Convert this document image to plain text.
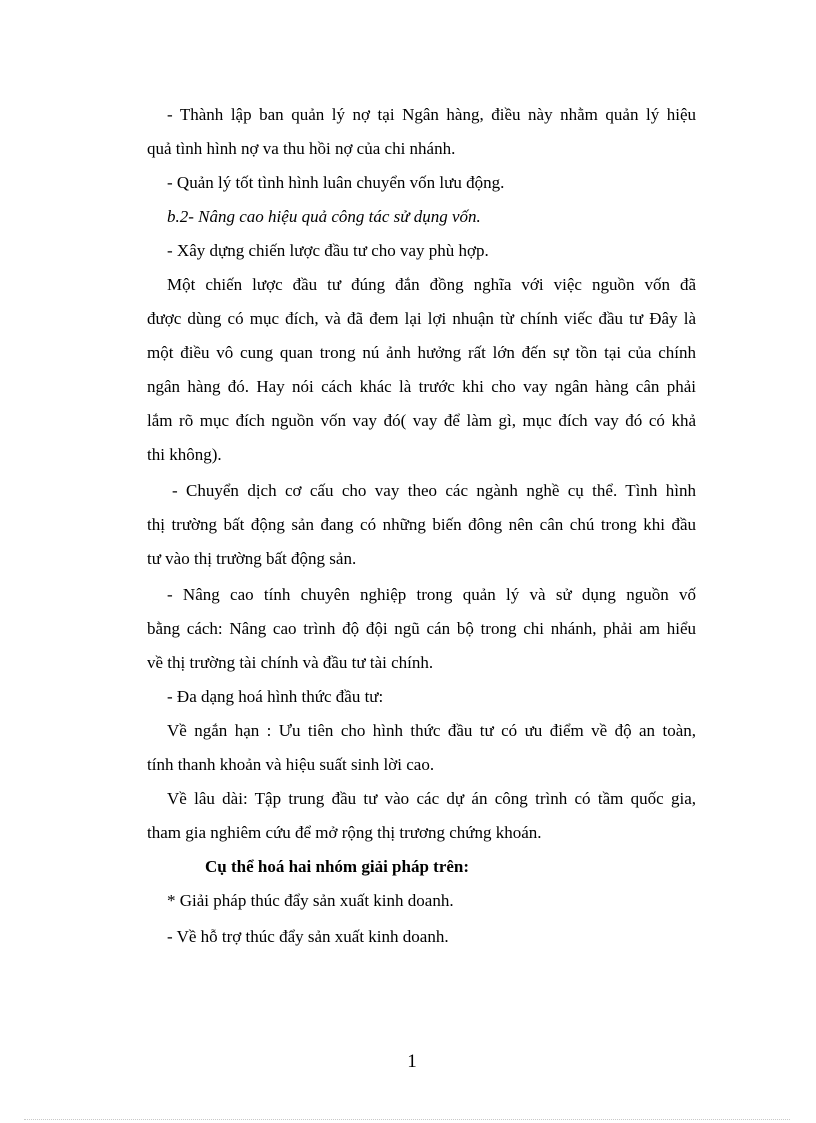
- Thành lập ban quản lý nợ tại Ngân hàng, điều này nhằm quản lý hiệu
quả tình hình nợ va thu hồi nợ của chi nhánh.
- Quản lý tốt tình hình luân chuyển vốn lưu động.
b.2- Nâng cao hiệu quả công tác sử dụng vốn.
- Xây dựng chiến lược đầu tư cho vay phù hợp.
Một chiến lược đầu tư đúng đắn đồng nghĩa với việc nguồn vốn đã
được dùng có mục đích, và đã đem lại lợi nhuận từ chính viếc đầu tư Đây là
một điều vô cung quan trong nú ảnh hưởng rất lớn đến sự tồn tại của chính
ngân hàng đó. Hay nói cách khác là trước khi cho vay ngân hàng cân phải
lắm rõ mục đích nguồn vốn vay đó( vay để làm gì, mục đích vay đó có khả
thi không).
- Chuyển dịch cơ cấu cho vay theo các ngành nghề cụ thể. Tình hình
thị trường bất động sản đang có những biến đông nên cân chú trong khi đầu
tư vào thị trường bất động sản.
- Nâng cao tính chuyên nghiệp trong quản lý và sử dụng nguồn vố
bằng cách: Nâng cao trình độ đội ngũ cán bộ trong chi nhánh, phải am hiểu
về thị trường tài chính và đầu tư tài chính.
- Đa dạng hoá hình thức đầu tư:
Về ngắn hạn : Ưu tiên cho hình thức đầu tư có ưu điểm về độ an toàn,
tính thanh khoản và hiệu suất sinh lời cao.
Về lâu dài: Tập trung đầu tư vào các dự án công trình có tầm quốc gia,
tham gia nghiêm cứu để mở rộng thị trương chứng khoán.
Cụ thể hoá hai nhóm giải pháp trên:
* Giải pháp thúc đẩy sản xuất kinh doanh.
- Về hỗ trợ thúc đẩy sản xuất kinh doanh.
1
